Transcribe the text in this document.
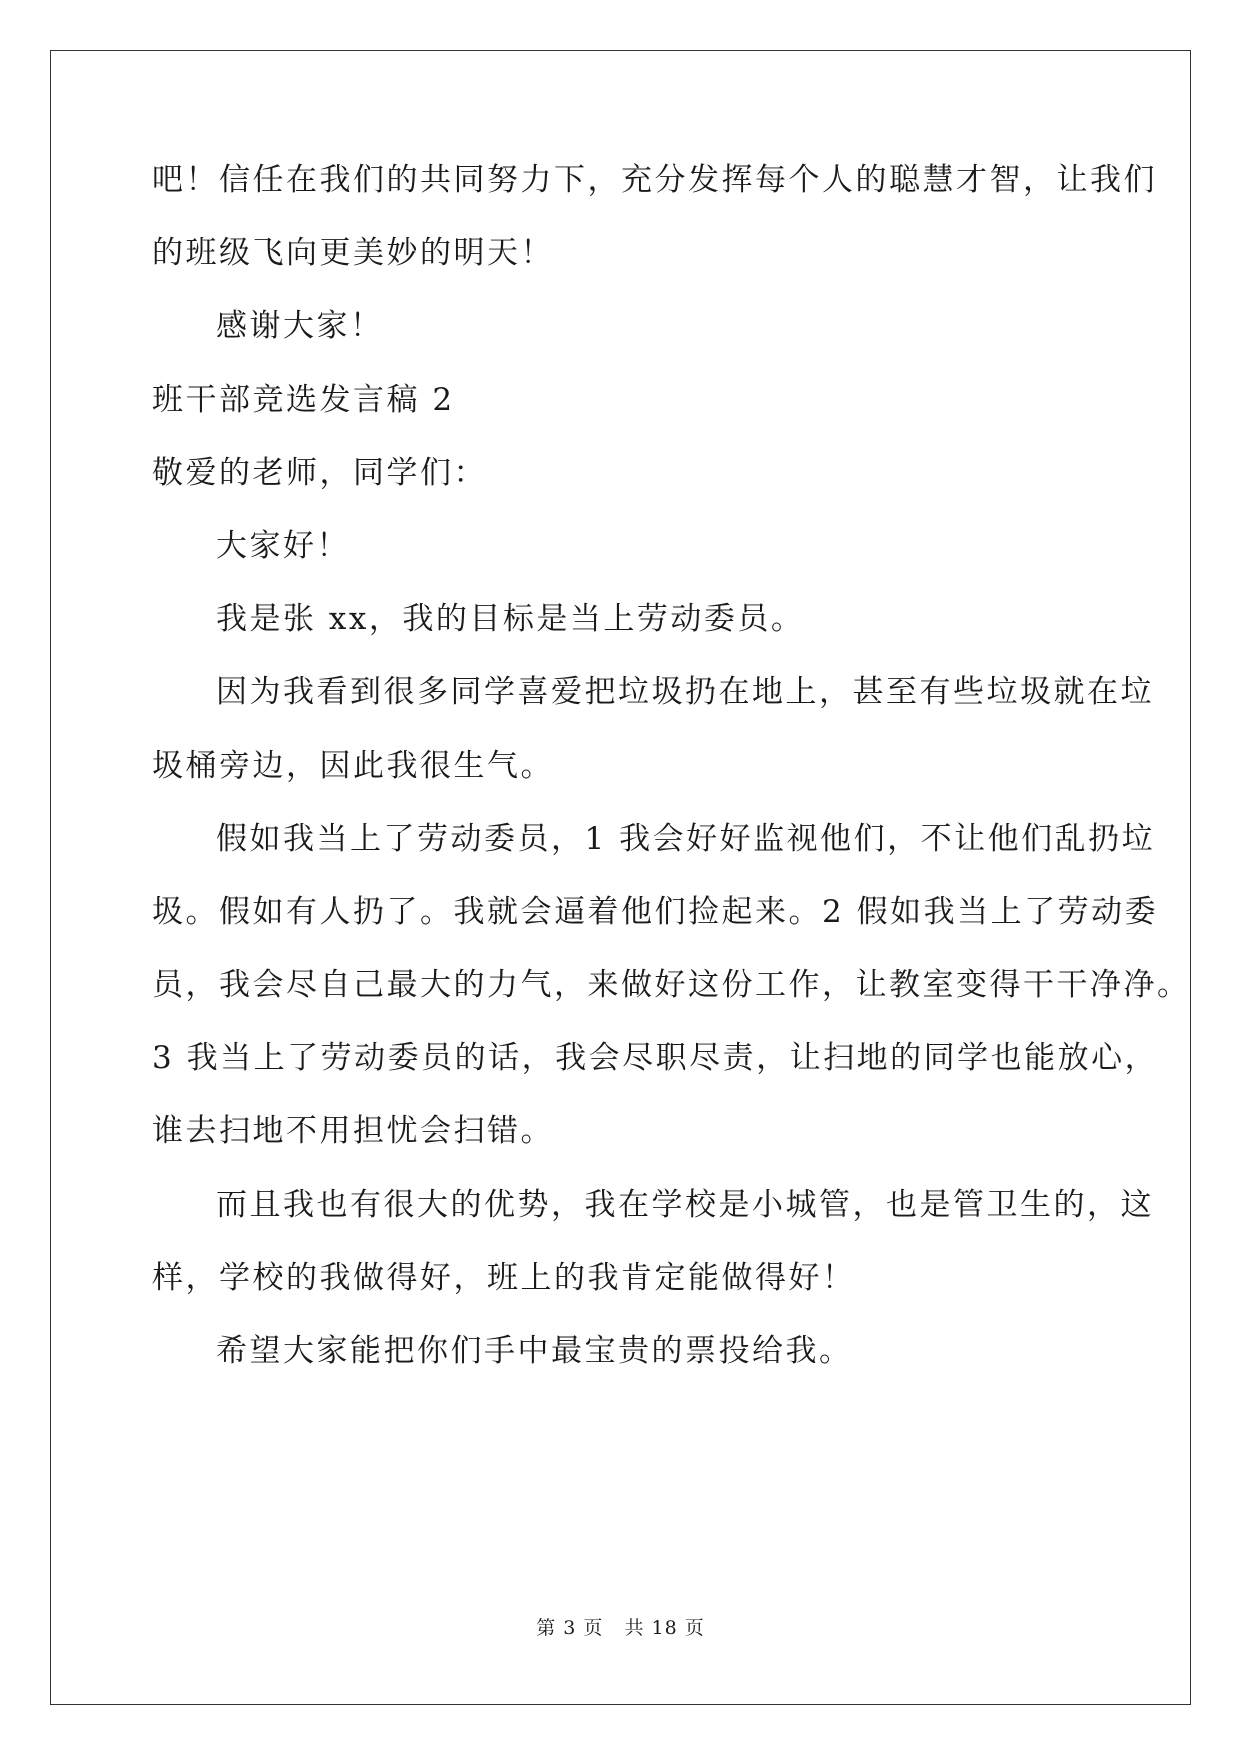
吧！信任在我们的共同努力下，充分发挥每个人的聪慧才智，让我们
的班级飞向更美妙的明天！
感谢大家！
班干部竞选发言稿 2
敬爱的老师，同学们：
大家好！
我是张 xx，我的目标是当上劳动委员。
因为我看到很多同学喜爱把垃圾扔在地上，甚至有些垃圾就在垃
圾桶旁边，因此我很生气。
假如我当上了劳动委员，1 我会好好监视他们，不让他们乱扔垃
圾。假如有人扔了。我就会逼着他们捡起来。2 假如我当上了劳动委
员，我会尽自己最大的力气，来做好这份工作，让教室变得干干净净。
3 我当上了劳动委员的话，我会尽职尽责，让扫地的同学也能放心，
谁去扫地不用担忧会扫错。
而且我也有很大的优势，我在学校是小城管，也是管卫生的，这
样，学校的我做得好，班上的我肯定能做得好！
希望大家能把你们手中最宝贵的票投给我。
第 3 页   共 18 页
